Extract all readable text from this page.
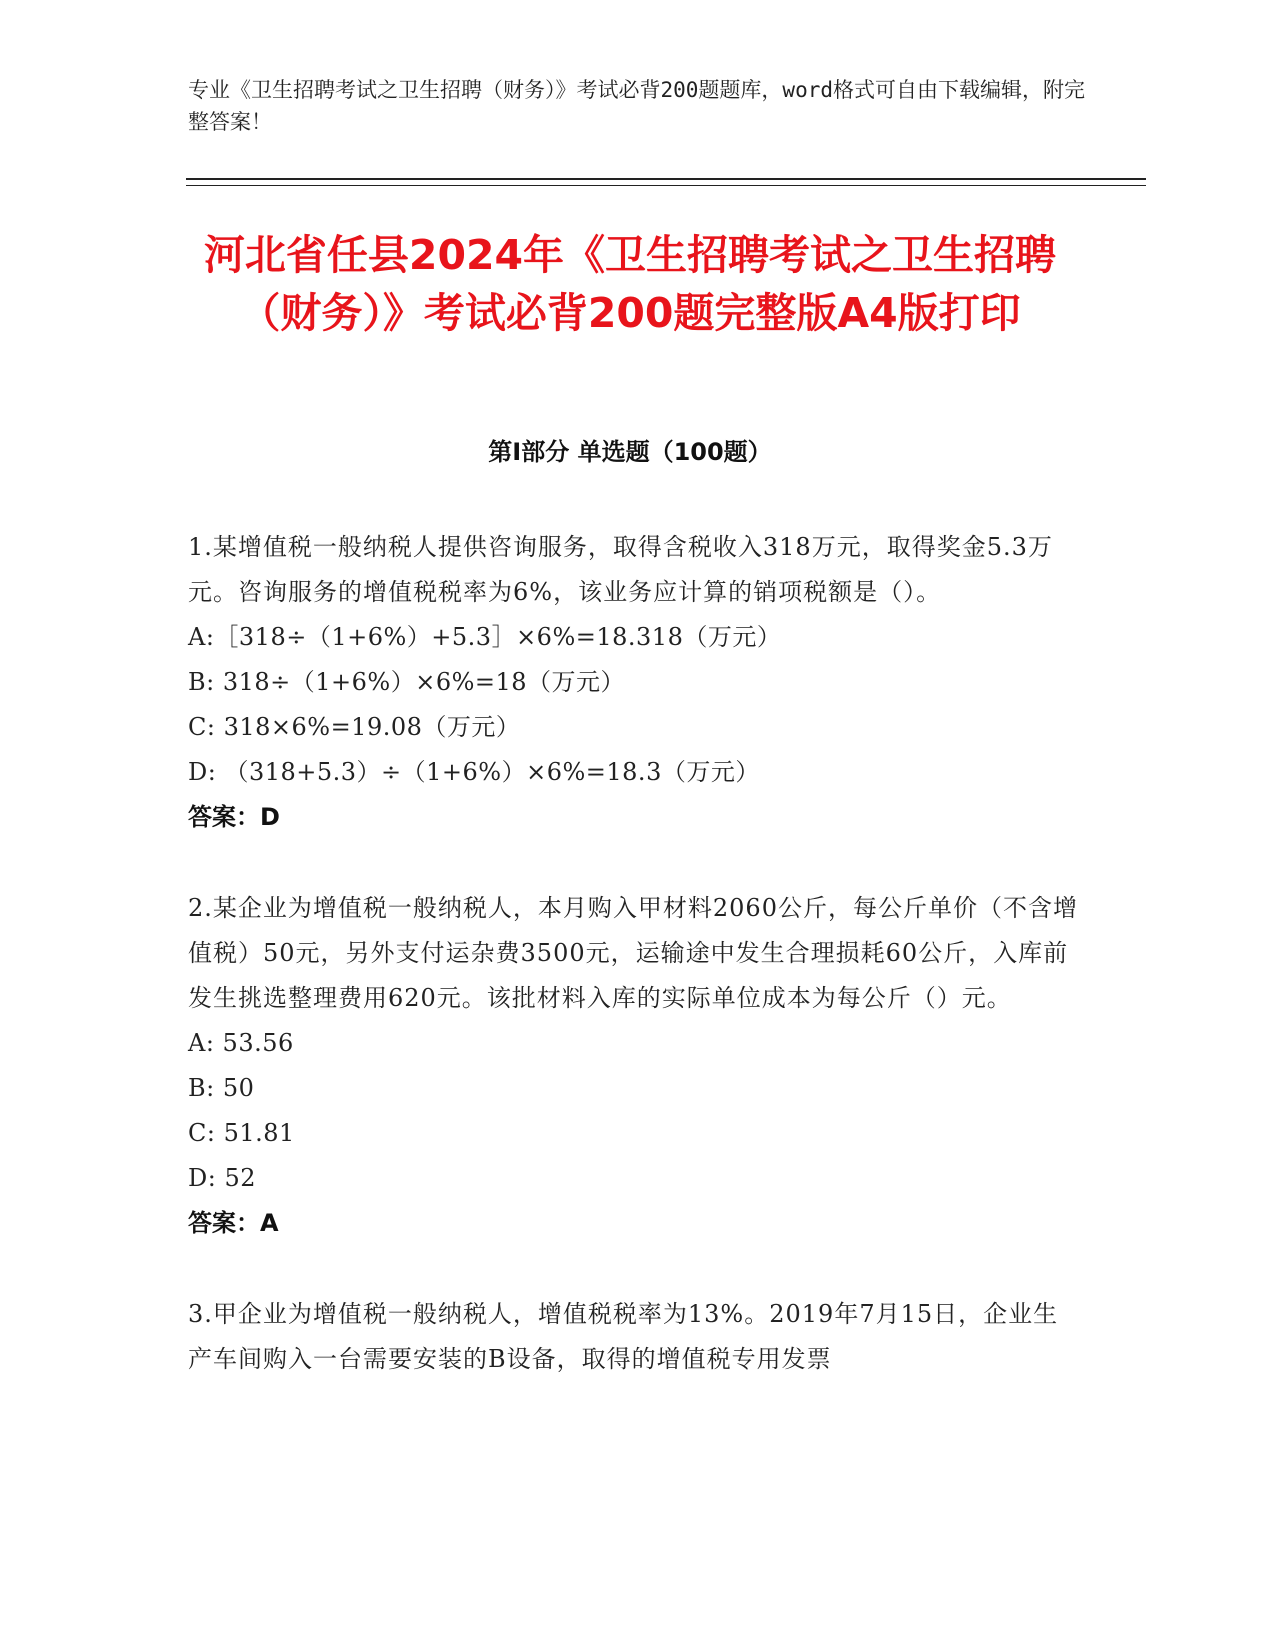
专业《卫生招聘考试之卫生招聘（财务）》考试必背200题题库，word格式可自由下载编辑，附完整答案！

河北省任县2024年《卫生招聘考试之卫生招聘（财务）》考试必背200题完整版A4版打印
第I部分 单选题（100题）

1.某增值税一般纳税人提供咨询服务，取得含税收入318万元，取得奖金5.3万元。咨询服务的增值税税率为6%，该业务应计算的销项税额是（）。

A:［318÷（1+6%）+5.3］×6%=18.318（万元）

B: 318÷（1+6%）×6%=18（万元）

C: 318×6%=19.08（万元）

D: （318+5.3）÷（1+6%）×6%=18.3（万元）

答案：D

2.某企业为增值税一般纳税人，本月购入甲材料2060公斤，每公斤单价（不含增值税）50元，另外支付运杂费3500元，运输途中发生合理损耗60公斤，入库前发生挑选整理费用620元。该批材料入库的实际单位成本为每公斤（）元。

A: 53.56

B: 50

C: 51.81

D: 52

答案：A

3.甲企业为增值税一般纳税人，增值税税率为13%。2019年7月15日，企业生产车间购入一台需要安装的B设备，取得的增值税专用发票
